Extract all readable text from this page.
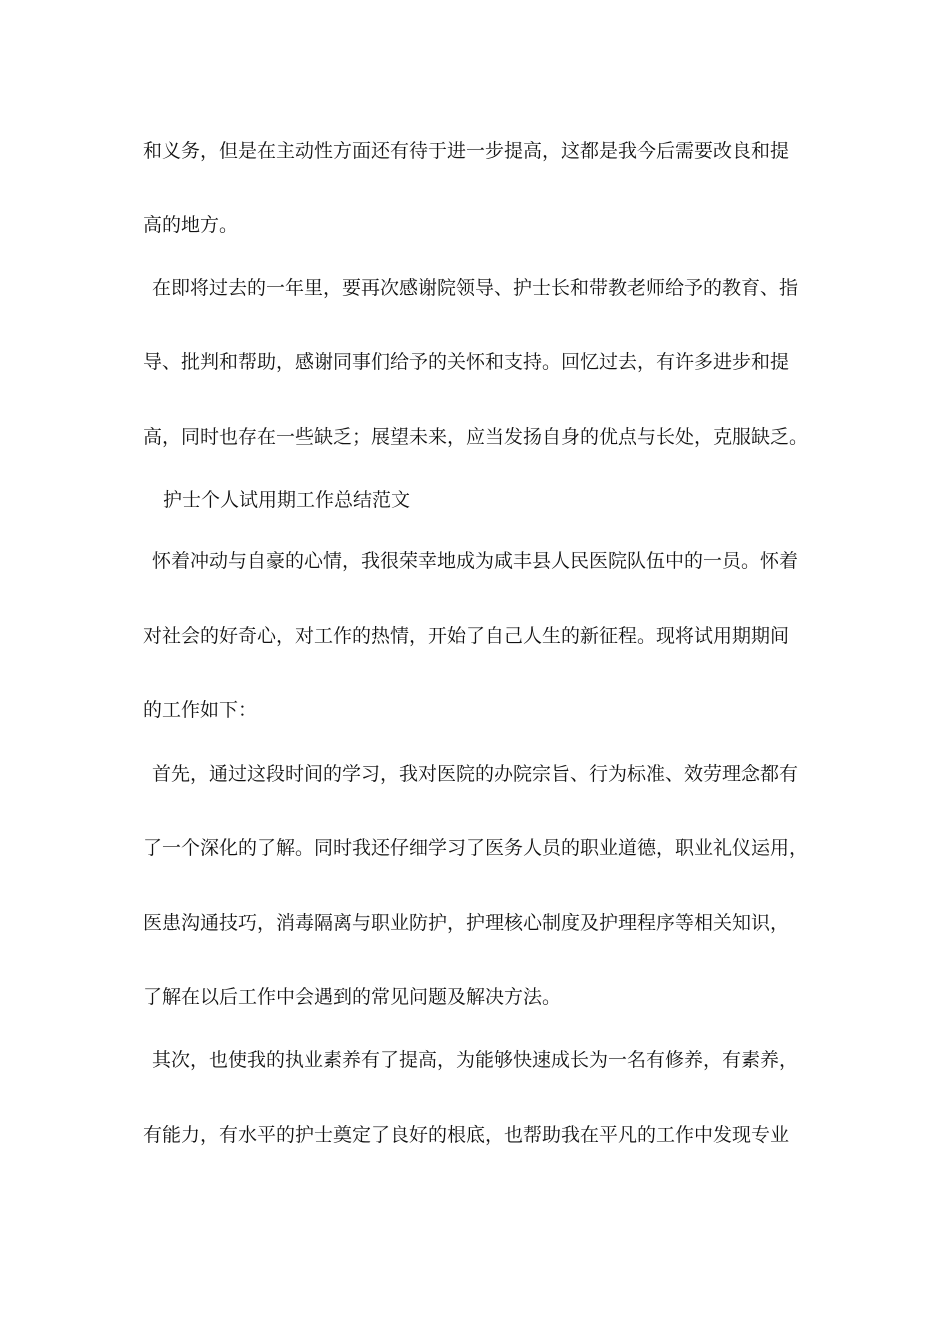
和义务，但是在主动性方面还有待于进一步提高，这都是我今后需要改良和提
高的地方。
在即将过去的一年里，要再次感谢院领导、护士长和带教老师给予的教育、指
导、批判和帮助，感谢同事们给予的关怀和支持。回忆过去，有许多进步和提
高，同时也存在一些缺乏；展望未来，应当发扬自身的优点与长处，克服缺乏。
护士个人试用期工作总结范文
怀着冲动与自豪的心情，我很荣幸地成为咸丰县人民医院队伍中的一员。怀着
对社会的好奇心，对工作的热情，开始了自己人生的新征程。现将试用期期间
的工作如下：
首先，通过这段时间的学习，我对医院的办院宗旨、行为标准、效劳理念都有
了一个深化的了解。同时我还仔细学习了医务人员的职业道德，职业礼仪运用，
医患沟通技巧，消毒隔离与职业防护，护理核心制度及护理程序等相关知识，
了解在以后工作中会遇到的常见问题及解决方法。
其次，也使我的执业素养有了提高，为能够快速成长为一名有修养，有素养，
有能力，有水平的护士奠定了良好的根底，也帮助我在平凡的工作中发现专业
